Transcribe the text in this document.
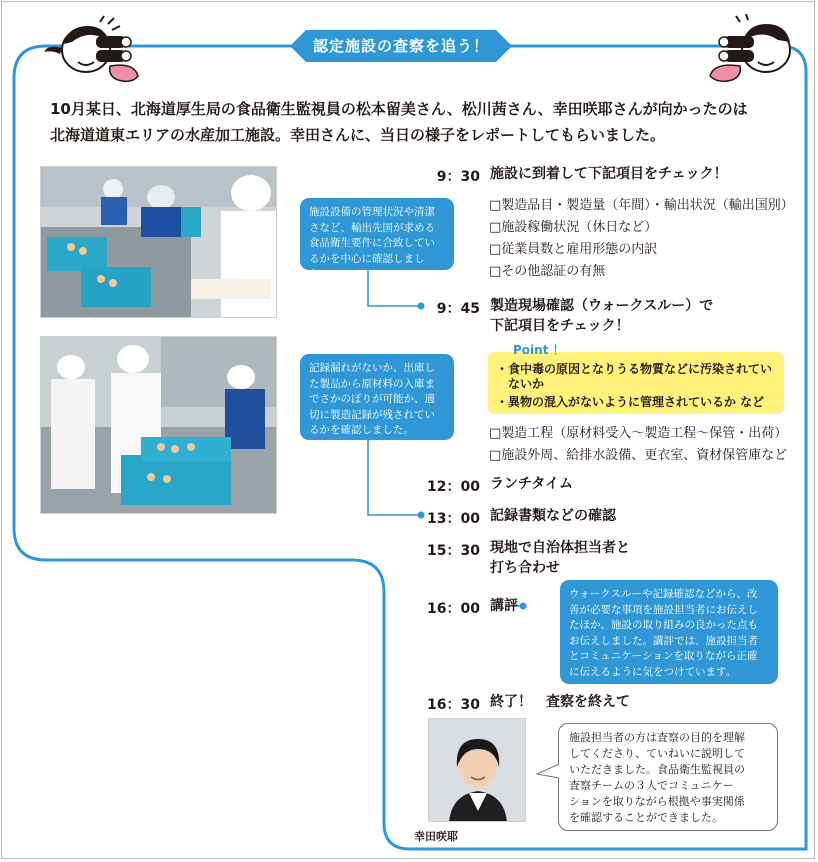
認定施設の査察を追う！

10月某日、北海道厚生局の食品衛生監視員の松本留美さん、松川茜さん、幸田咲耶さんが向かったのは

北海道道東エリアの水産加工施設。幸田さんに、当日の様子をレポートしてもらいました。

施設設備の管理状況や清潔
さなど、輸出先国が求める
食品衛生要件に合致してい
るかを中心に確認しました。
記録漏れがないか、出庫し
た製品から原材料の入庫ま
でさかのぼりが可能か、適
切に製造記録が残されてい
るかを確認しました。
ウォークスルーや記録確認などから、改
善が必要な事項を施設担当者にお伝えし
たほか、施設の取り組みの良かった点も
お伝えしました。講評では、施設担当者
とコミュニケーションを取りながら正確
に伝えるように気をつけています。
9：30 施設に到着して下記項目をチェック！
□製造品目・製造量（年間）・輸出状況（輸出国別）
□施設稼働状況（休日など）
□従業員数と雇用形態の内訳
□その他認証の有無
9：45 製造現場確認（ウォークスルー）で
下記項目をチェック！
Point ！
・食中毒の原因となりうる物質などに汚染されてい
　ないか
・異物の混入がないように管理されているか など
□製造工程（原材料受入～製造工程～保管・出荷）
□施設外周、給排水設備、更衣室、資材保管庫など
12：00 ランチタイム
13：00 記録書類などの確認
15：30 現地で自治体担当者と
打ち合わせ
16：00 講評
16：30 終了！　査察を終えて
施設担当者の方は査察の目的を理解
してくださり、ていねいに説明して
いただきました。食品衛生監視員の
査察チームの３人でコミュニケー
ションを取りながら根拠や事実関係
を確認することができました。
幸田咲耶
